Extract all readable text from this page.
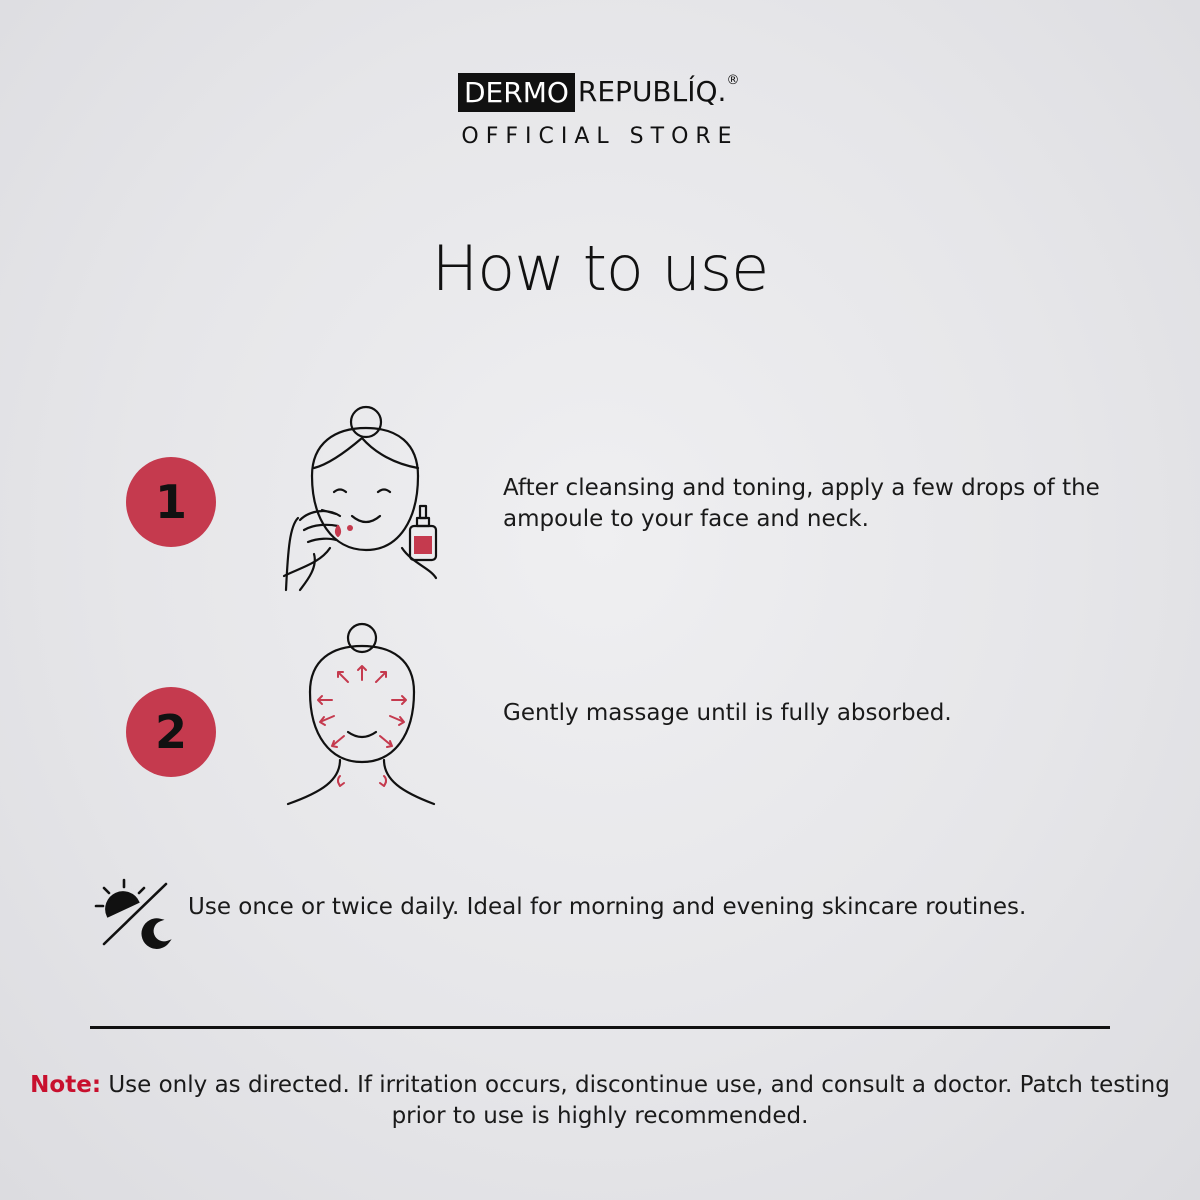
DERMO REPUBLÍQ. ®
OFFICIAL STORE
How to use
1	After cleansing and toning, apply a few drops of the ampoule to your face and neck.
2	Gently massage until is fully absorbed.
Use once or twice daily. Ideal for morning and evening skincare routines.
Note: Use only as directed. If irritation occurs, discontinue use, and consult a doctor. Patch testing prior to use is highly recommended.
